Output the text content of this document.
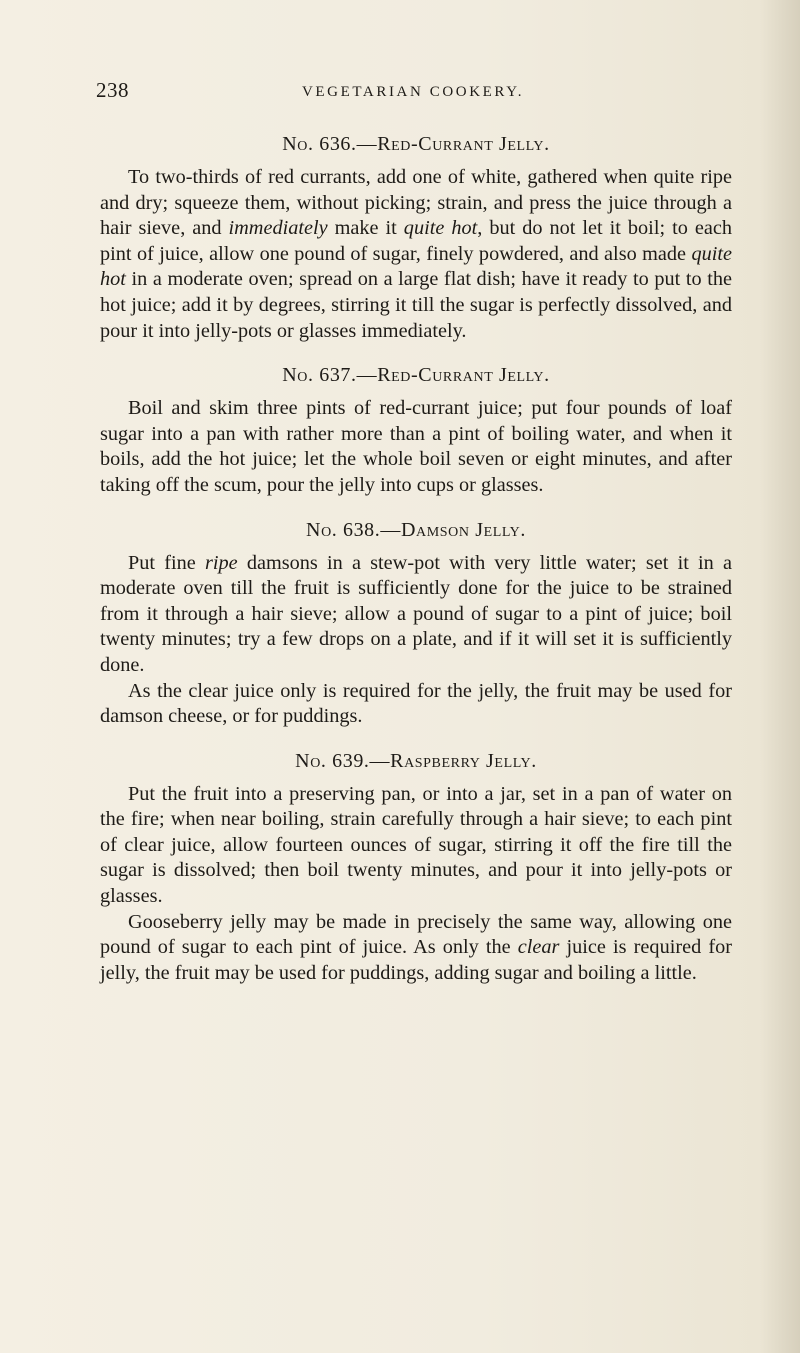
238	VEGETARIAN COOKERY.
No. 636.—Red-Currant Jelly.

To two-thirds of red currants, add one of white, gathered when quite ripe and dry; squeeze them, without picking; strain, and press the juice through a hair sieve, and immediately make it quite hot, but do not let it boil; to each pint of juice, allow one pound of sugar, finely powdered, and also made quite hot in a moderate oven; spread on a large flat dish; have it ready to put to the hot juice; add it by degrees, stirring it till the sugar is perfectly dissolved, and pour it into jelly-pots or glasses immediately.

No. 637.—Red-Currant Jelly.

Boil and skim three pints of red-currant juice; put four pounds of loaf sugar into a pan with rather more than a pint of boiling water, and when it boils, add the hot juice; let the whole boil seven or eight minutes, and after taking off the scum, pour the jelly into cups or glasses.

No. 638.—Damson Jelly.

Put fine ripe damsons in a stew-pot with very little water; set it in a moderate oven till the fruit is sufficiently done for the juice to be strained from it through a hair sieve; allow a pound of sugar to a pint of juice; boil twenty minutes; try a few drops on a plate, and if it will set it is sufficiently done.

As the clear juice only is required for the jelly, the fruit may be used for damson cheese, or for puddings.

No. 639.—Raspberry Jelly.

Put the fruit into a preserving pan, or into a jar, set in a pan of water on the fire; when near boiling, strain carefully through a hair sieve; to each pint of clear juice, allow fourteen ounces of sugar, stirring it off the fire till the sugar is dissolved; then boil twenty minutes, and pour it into jelly-pots or glasses.

Gooseberry jelly may be made in precisely the same way, allowing one pound of sugar to each pint of juice. As only the clear juice is required for jelly, the fruit may be used for puddings, adding sugar and boiling a little.
